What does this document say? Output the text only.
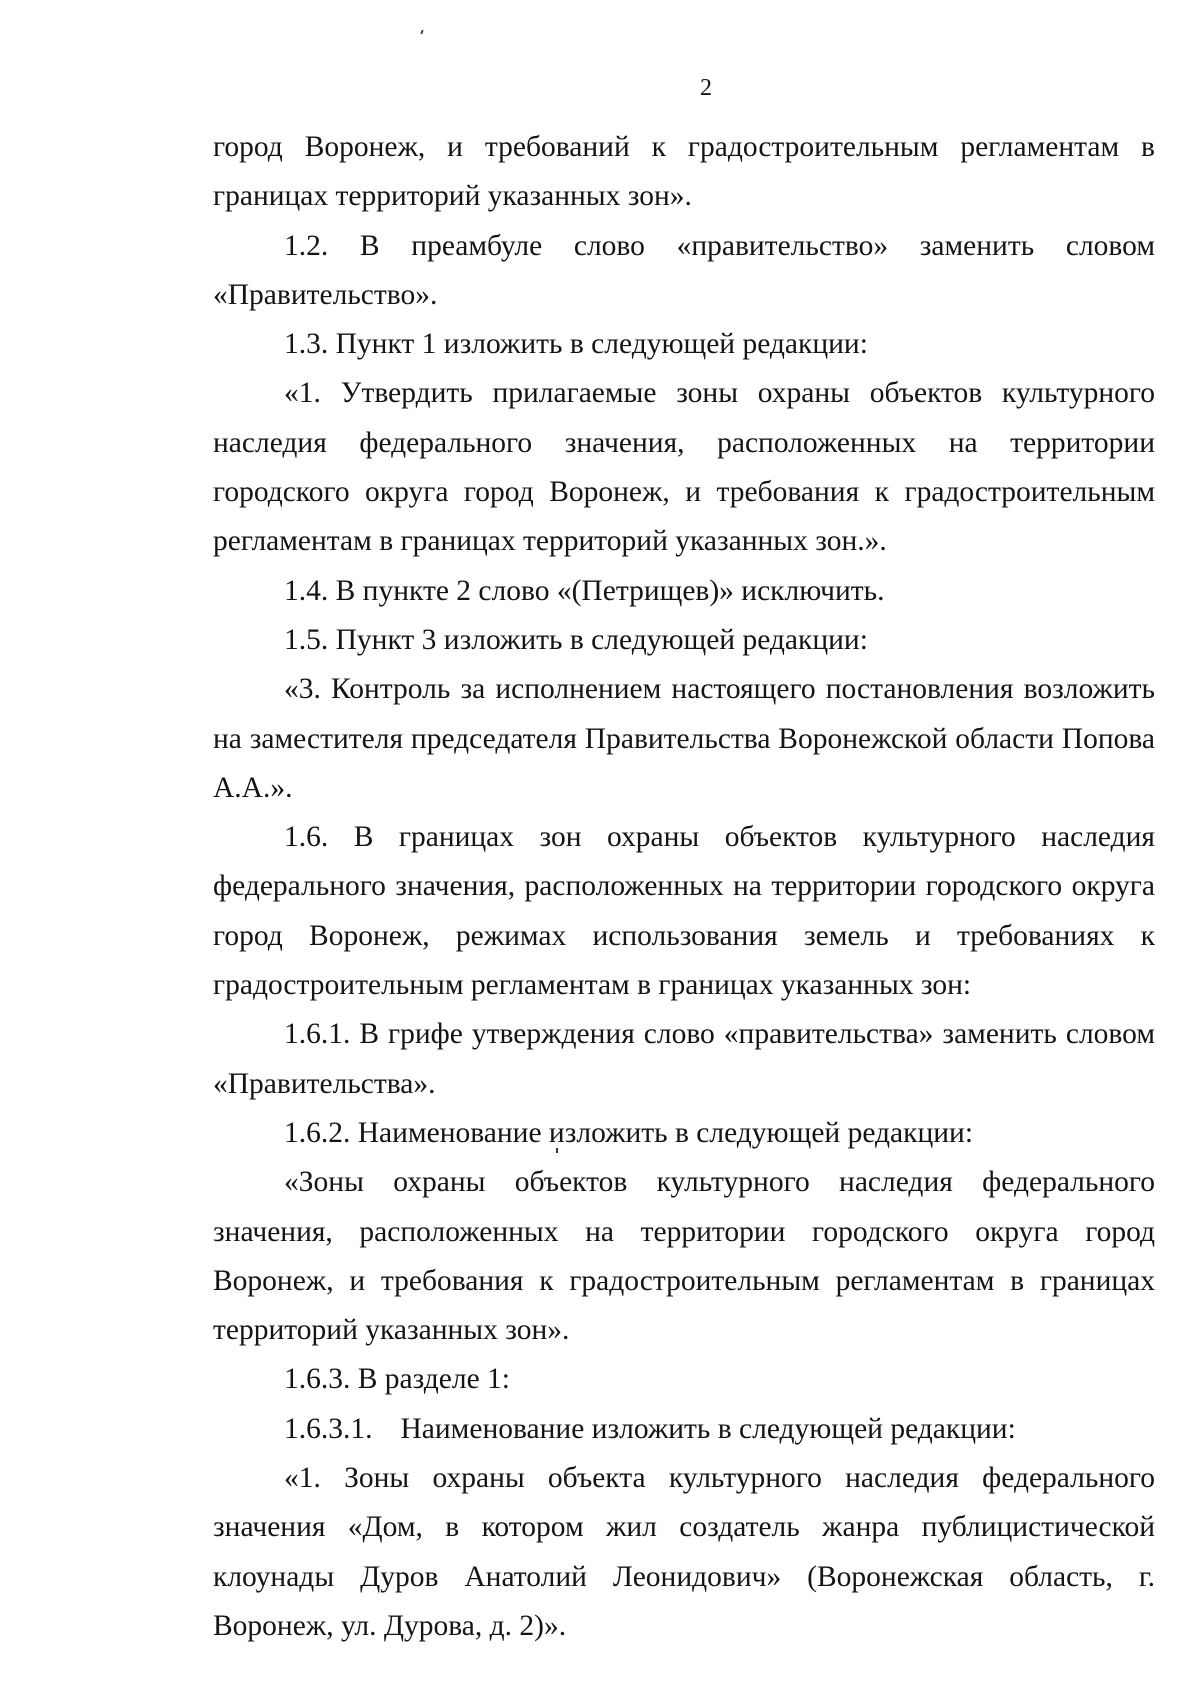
2

город Воронеж, и требований к градостроительным регламентам в границах территорий указанных зон».

1.2. В преамбуле слово «правительство» заменить словом «Правительство».

1.3. Пункт 1 изложить в следующей редакции:

«1. Утвердить прилагаемые зоны охраны объектов культурного наследия федерального значения, расположенных на территории городского округа город Воронеж, и требования к градостроительным регламентам в границах территорий указанных зон.».

1.4. В пункте 2 слово «(Петрищев)» исключить.

1.5. Пункт 3 изложить в следующей редакции:

«3. Контроль за исполнением настоящего постановления возложить на заместителя председателя Правительства Воронежской области Попова А.А.».

1.6. В границах зон охраны объектов культурного наследия федерального значения, расположенных на территории городского округа город Воронеж, режимах использования земель и требованиях к градостроительным регламентам в границах указанных зон:

1.6.1. В грифе утверждения слово «правительства» заменить словом «Правительства».

1.6.2. Наименование изложить в следующей редакции:

«Зоны охраны объектов культурного наследия федерального значения, расположенных на территории городского округа город Воронеж, и требования к градостроительным регламентам в границах территорий указанных зон».

1.6.3. В разделе 1:

1.6.3.1. Наименование изложить в следующей редакции:

«1. Зоны охраны объекта культурного наследия федерального значения «Дом, в котором жил создатель жанра публицистической клоунады Дуров Анатолий Леонидович» (Воронежская область, г. Воронеж, ул. Дурова, д. 2)».
